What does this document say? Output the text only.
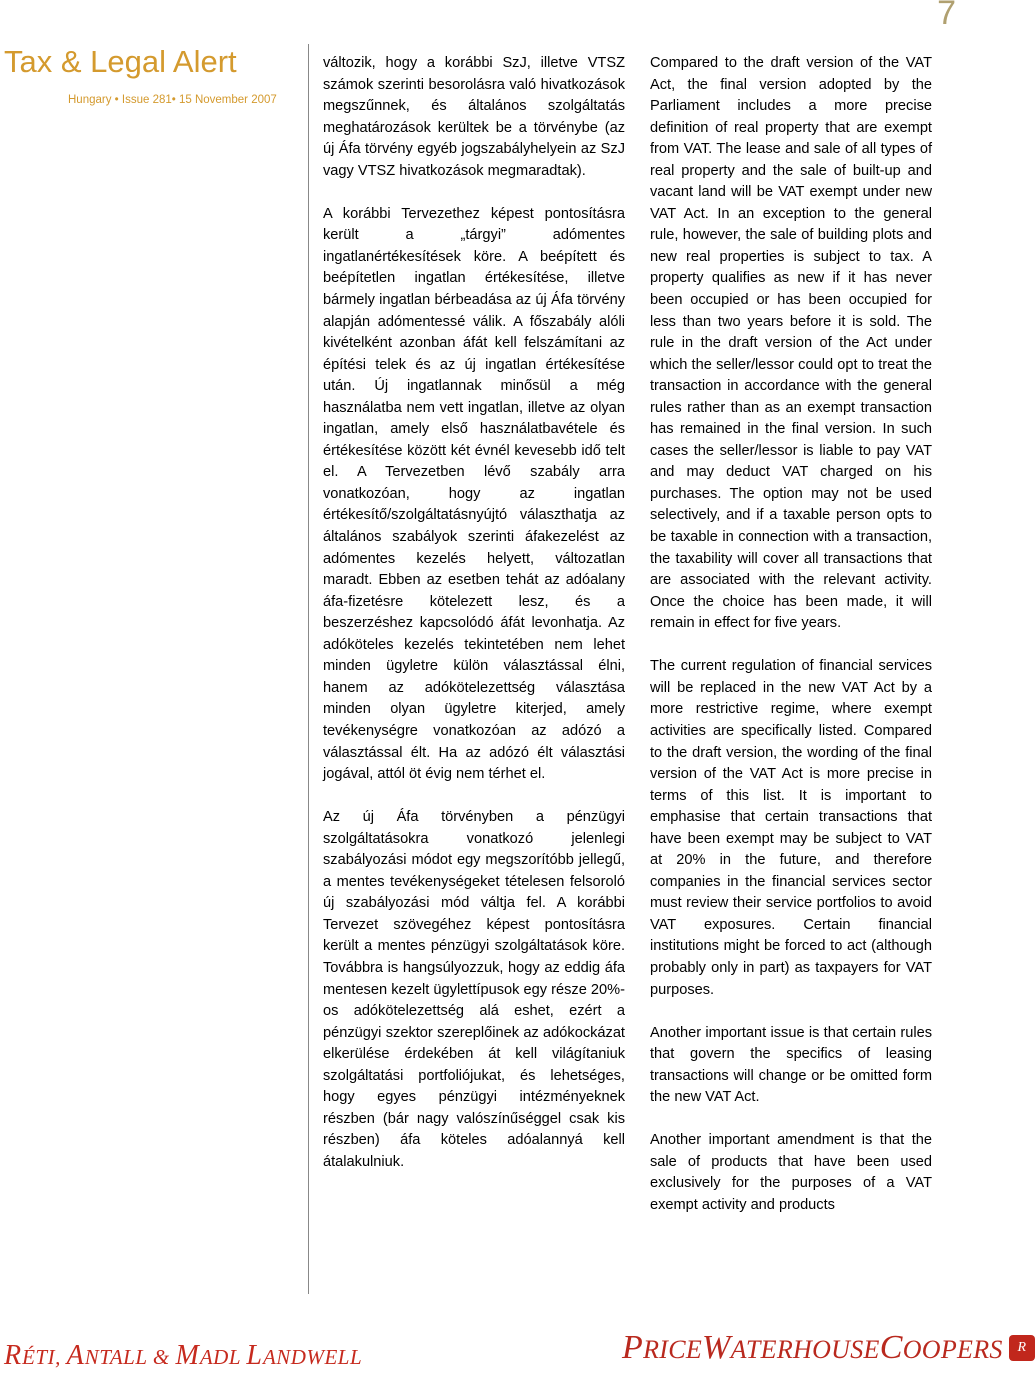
7
Tax & Legal Alert
Hungary • Issue 281• 15 November 2007

változik, hogy a korábbi SzJ, illetve VTSZ számok szerinti besorolásra való hivatkozások megszűnnek, és általános szolgáltatás meghatározások kerültek be a törvénybe (az új Áfa törvény egyéb jogszabályhelyein az SzJ vagy VTSZ hivatkozások megmaradtak).

A korábbi Tervezethez képest pontosításra került a „tárgyi” adómentes ingatlanértékesítések köre. A beépített és beépítetlen ingatlan értékesítése, illetve bármely ingatlan bérbeadása az új Áfa törvény alapján adómentessé válik. A főszabály alóli kivételként azonban áfát kell felszámítani az építési telek és az új ingatlan értékesítése után. Új ingatlannak minősül a még használatba nem vett ingatlan, illetve az olyan ingatlan, amely első használatbavétele és értékesítése között két évnél kevesebb idő telt el. A Tervezetben lévő szabály arra vonatkozóan, hogy az ingatlan értékesítő/szolgáltatásnyújtó választhatja az általános szabályok szerinti áfakezelést az adómentes kezelés helyett, változatlan maradt. Ebben az esetben tehát az adóalany áfa-fizetésre kötelezett lesz, és a beszerzéshez kapcsolódó áfát levonhatja. Az adóköteles kezelés tekintetében nem lehet minden ügyletre külön választással élni, hanem az adókötelezettség választása minden olyan ügyletre kiterjed, amely tevékenységre vonatkozóan az adózó a választással élt. Ha az adózó élt választási jogával, attól öt évig nem térhet el.

Az új Áfa törvényben a pénzügyi szolgáltatásokra vonatkozó jelenlegi szabályozási módot egy megszorítóbb jellegű, a mentes tevékenységeket tételesen felsoroló új szabályozási mód váltja fel. A korábbi Tervezet szövegéhez képest pontosításra került a mentes pénzügyi szolgáltatások köre. Továbbra is hangsúlyozzuk, hogy az eddig áfa mentesen kezelt ügylettípusok egy része 20%-os adókötelezettség alá eshet, ezért a pénzügyi szektor szereplőinek az adókockázat elkerülése érdekében át kell világítaniuk szolgáltatási portfoliójukat, és lehetséges, hogy egyes pénzügyi intézményeknek részben (bár nagy valószínűséggel csak kis részben) áfa köteles adóalannyá kell átalakulniuk.

Compared to the draft version of the VAT Act, the final version adopted by the Parliament includes a more precise definition of real property that are exempt from VAT. The lease and sale of all types of real property and the sale of built-up and vacant land will be VAT exempt under new VAT Act. In an exception to the general rule, however, the sale of building plots and new real properties is subject to tax. A property qualifies as new if it has never been occupied or has been occupied for less than two years before it is sold. The rule in the draft version of the Act under which the seller/lessor could opt to treat the transaction in accordance with the general rules rather than as an exempt transaction has remained in the final version. In such cases the seller/lessor is liable to pay VAT and may deduct VAT charged on his purchases. The option may not be used selectively, and if a taxable person opts to be taxable in connection with a transaction, the taxability will cover all transactions that are associated with the relevant activity. Once the choice has been made, it will remain in effect for five years.

The current regulation of financial services will be replaced in the new VAT Act by a more restrictive regime, where exempt activities are specifically listed. Compared to the draft version, the wording of the final version of the VAT Act is more precise in terms of this list. It is important to emphasise that certain transactions that have been exempt may be subject to VAT at 20% in the future, and therefore companies in the financial services sector must review their service portfolios to avoid VAT exposures. Certain financial institutions might be forced to act (although probably only in part) as taxpayers for VAT purposes.

Another important issue is that certain rules that govern the specifics of leasing transactions will change or be omitted form the new VAT Act.

Another important amendment is that the sale of products that have been used exclusively for the purposes of a VAT exempt activity and products

RÉTI, ANTALL & MADL LANDWELL	PRICEWATERHOUSECOOPERS	R
